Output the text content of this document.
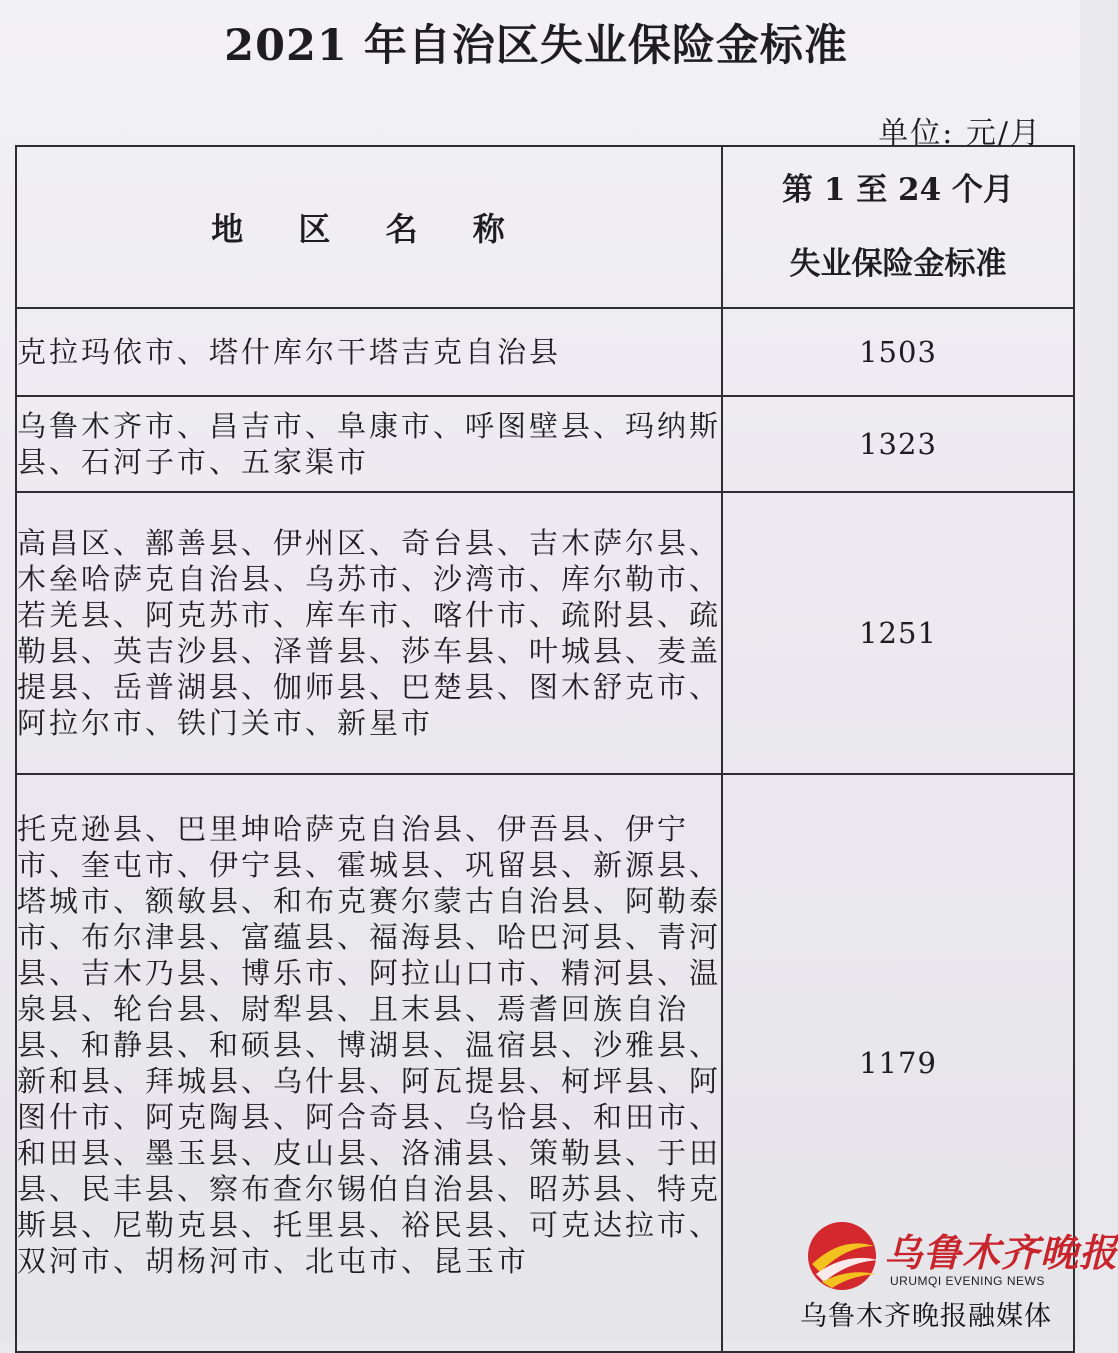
2021 年自治区失业保险金标准
单位: 元/月
地 区 名 称	第 1 至 24 个月
失业保险金标准

克拉玛依市、塔什库尔干塔吉克自治县	1503
乌鲁木齐市、昌吉市、阜康市、呼图壁县、玛纳斯县、石河子市、五家渠市	1323
高昌区、鄯善县、伊州区、奇台县、吉木萨尔县、木垒哈萨克自治县、乌苏市、沙湾市、库尔勒市、若羌县、阿克苏市、库车市、喀什市、疏附县、疏勒县、英吉沙县、泽普县、莎车县、叶城县、麦盖提县、岳普湖县、伽师县、巴楚县、图木舒克市、阿拉尔市、铁门关市、新星市	1251
托克逊县、巴里坤哈萨克自治县、伊吾县、伊宁市、奎屯市、伊宁县、霍城县、巩留县、新源县、塔城市、额敏县、和布克赛尔蒙古自治县、阿勒泰市、布尔津县、富蕴县、福海县、哈巴河县、青河县、吉木乃县、博乐市、阿拉山口市、精河县、温泉县、轮台县、尉犁县、且末县、焉耆回族自治县、和静县、和硕县、博湖县、温宿县、沙雅县、新和县、拜城县、乌什县、阿瓦提县、柯坪县、阿图什市、阿克陶县、阿合奇县、乌恰县、和田市、和田县、墨玉县、皮山县、洛浦县、策勒县、于田县、民丰县、察布查尔锡伯自治县、昭苏县、特克斯县、尼勒克县、托里县、裕民县、可克达拉市、双河市、胡杨河市、北屯市、昆玉市	1179
乌鲁木齐晚报
URUMQI EVENING NEWS
乌鲁木齐晚报融媒体
